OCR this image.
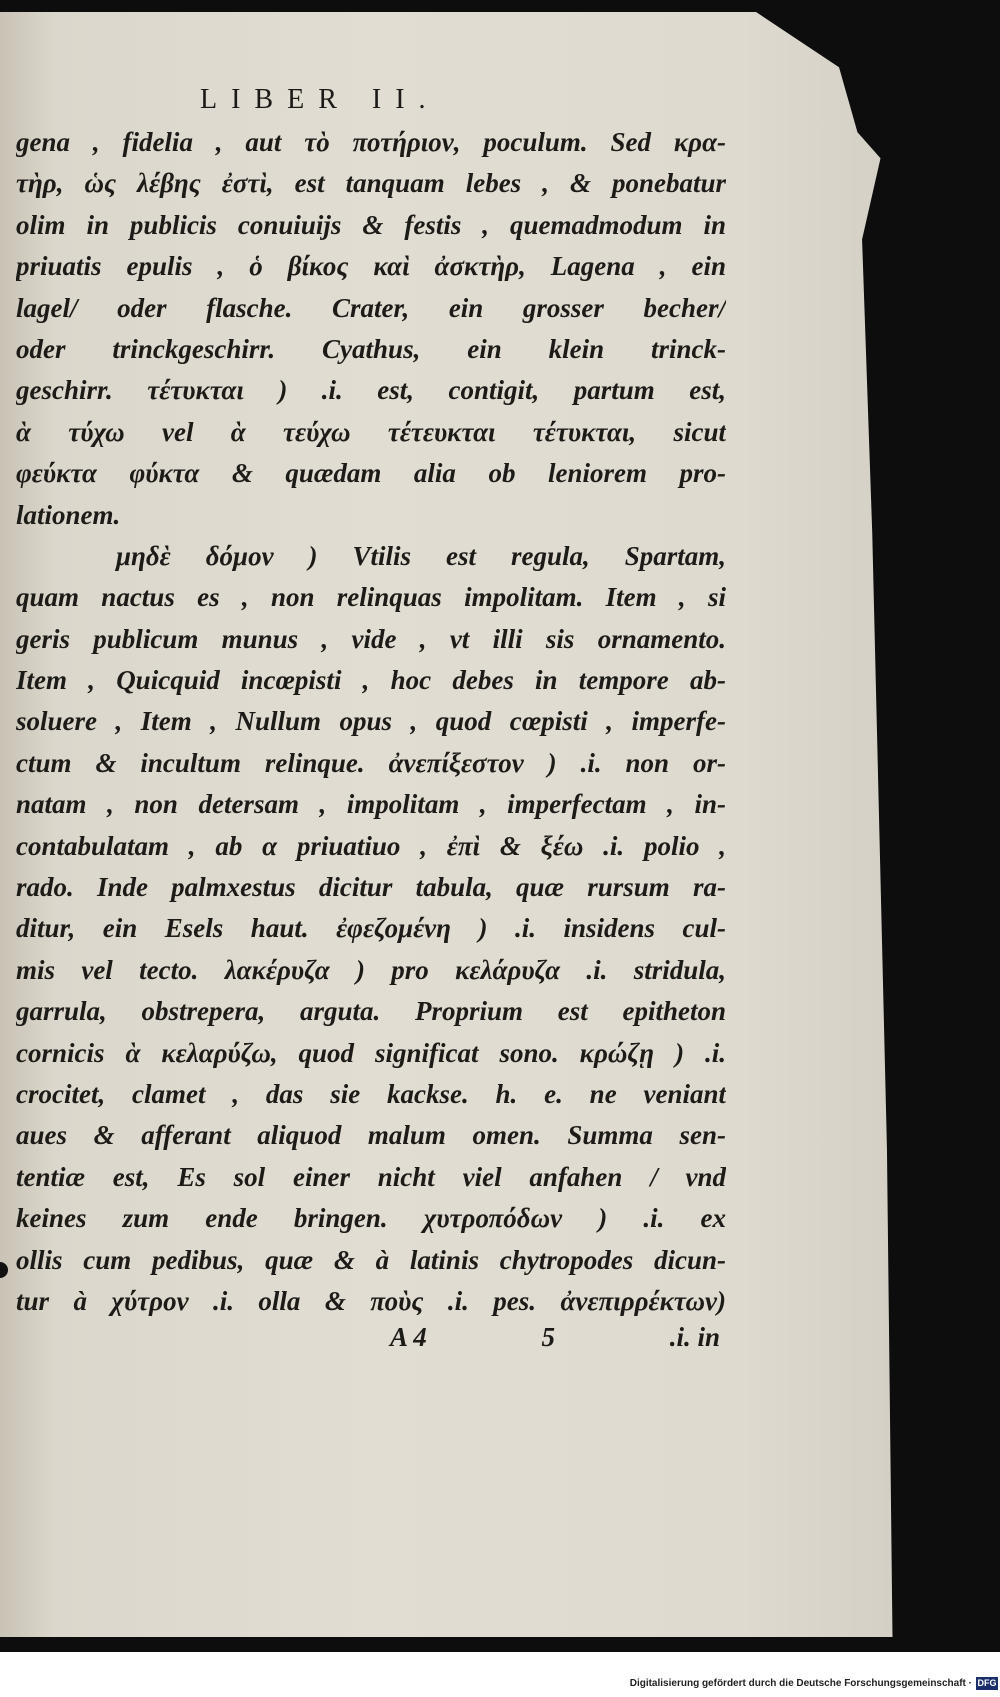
LIBER II.
gena , fidelia , aut τὸ ποτήριον, poculum. Sed κρα-
τὴρ, ὡς λέβης ἐστὶ, est tanquam lebes , & ponebatur
olim in publicis conuiuijs & festis , quemadmodum in
priuatis epulis , ὁ βίκος καὶ ἀσκτὴρ, Lagena , ein
lagel/ oder flasche. Crater, ein grosser becher/
oder trinckgeschirr. Cyathus, ein klein trinck-
geschirr. τέτυκται ) .i. est, contigit, partum est,
ὰ τύχω vel ὰ τεύχω τέτευκται τέτυκται, sicut
φεύκτα φύκτα & quædam alia ob leniorem pro-
lationem.
μηδὲ δόμον ) Vtilis est regula, Spartam,
quam nactus es , non relinquas impolitam. Item , si
geris publicum munus , vide , vt illi sis ornamento.
Item , Quicquid incœpisti , hoc debes in tempore ab-
soluere , Item , Nullum opus , quod cœpisti , imperfe-
ctum & incultum relinque. ἀνεπίξεστον ) .i. non or-
natam , non detersam , impolitam , imperfectam , in-
contabulatam , ab α priuatiuo , ἐπὶ & ξέω .i. polio ,
rado. Inde palmxestus dicitur tabula, quæ rursum ra-
ditur, ein Esels haut. ἐφεζομένη ) .i. insidens cul-
mis vel tecto. λακέρυζα ) pro κελάρυζα .i. stridula,
garrula, obstrepera, arguta. Proprium est epitheton
cornicis ὰ κελαρύζω, quod significat sono. κρώζῃ ) .i.
crocitet, clamet , das sie kackse. h. e. ne veniant
aues & afferant aliquod malum omen. Summa sen-
tentiæ est, Es sol einer nicht viel anfahen / vnd
keines zum ende bringen. χυτροπόδων ) .i. ex
ollis cum pedibus, quæ & à latinis chytropodes dicun-
tur à χύτρον .i. olla & ποὺς .i. pes. ἀνεπιρρέκτων)
A 4	5	.i. in
Digitalisierung gefördert durch die Deutsche Forschungsgemeinschaft · DFG
